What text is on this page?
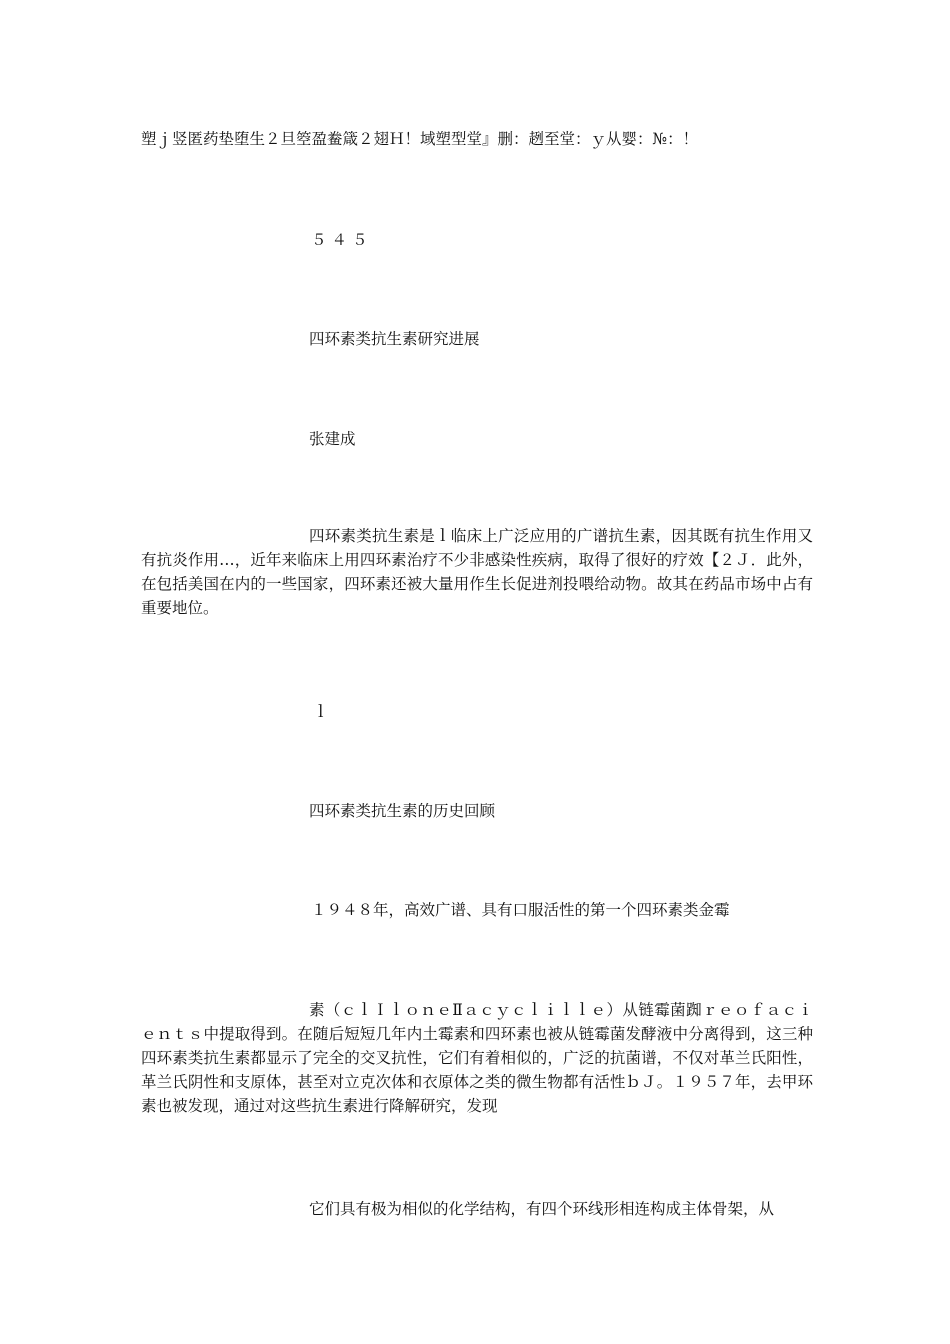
塑ｊ竖匿药垫堕生２旦箜盈鲞箴２翅Ｈ！域塑型堂』删：趔至堂：ｙ从婴：№：！
５４５
四环素类抗生素研究进展
张建成
四环素类抗生素是ｌ临床上广泛应用的广谱抗生素，因其既有抗生作用又有抗炎作用…，近年来临床上用四环素治疗不少非感染性疾病，取得了很好的疗效【２Ｊ．此外，在包括美国在内的一些国家，四环素还被大量用作生长促进剂投喂给动物。故其在药品市场中占有重要地位。
ｌ
四环素类抗生素的历史回顾
１９４８年，高效广谱、具有口服活性的第一个四环素类金霉
素（ｃｌＩｌｏｎｅⅡａｃｙｃｌｉｌｌｅ）从链霉菌踟ｒｅｏｆａｃｉｅｎｔｓ中提取得到。在随后短短几年内土霉素和四环素也被从链霉菌发酵液中分离得到，这三种四环素类抗生素都显示了完全的交叉抗性，它们有着相似的，广泛的抗菌谱，不仅对革兰氏阳性，革兰氏阴性和支原体，甚至对立克次体和衣原体之类的微生物都有活性ｂＪ。１９５７年，去甲环素也被发现，通过对这些抗生素进行降解研究，发现
它们具有极为相似的化学结构，有四个环线形相连构成主体骨架，从
